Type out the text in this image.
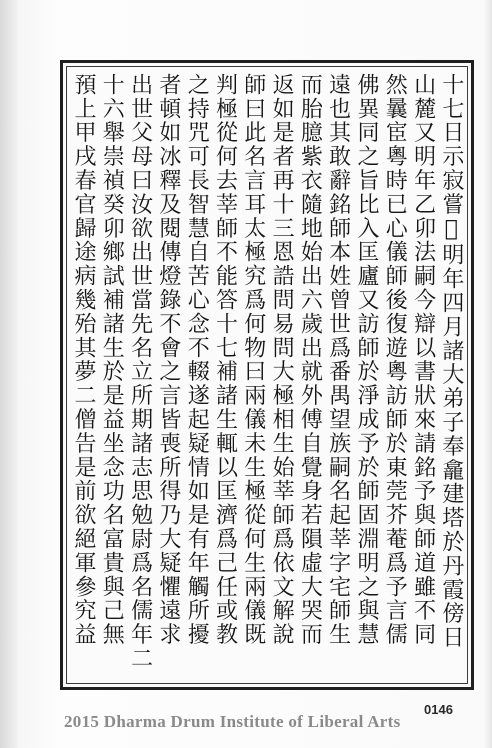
十七日示寂嘗𦍤明年四月諸大弟子奉龕建塔於丹霞傍日
山麓又明年乙卯法嗣今辯以書狀來請銘予與師道雖不同
然曩宦粵時已心儀師後復遊粵訪師於東莞芥菴爲予言儒
佛異同之旨比入匡廬又訪師於淨成予於師固淵明之與慧
遠也其敢辭銘師本姓曾世爲番禺望族嗣名起莘字宅師生
而胎臆紫衣隨地始出六歲出就外傅自覺身若隕虛大哭而
返如是者再十三恩誥問易問大極相生始莘師爲依文解說
師曰此名言耳太極究爲何物曰兩儀未生極從何生兩儀既
判極從何去莘師不能答十七補諸生輒以匡濟爲己任或教
之持咒可長智慧自苦心念不輟遂起疑情如是有年觸所擾
者頓如冰釋及閱傳燈錄不會之言皆喪所得乃大疑懼遠求
出世父母曰汝欲出世當先名立所期諸志思勉尉爲名儒年二
十六舉崇禎癸卯鄉試補諸生於是益坐念功名富貴與己無
預上甲戌春官歸途病幾殆其夢二僧告是前欲絕軍參究益
2015 Dharma Drum Institute of Liberal Arts
0146
